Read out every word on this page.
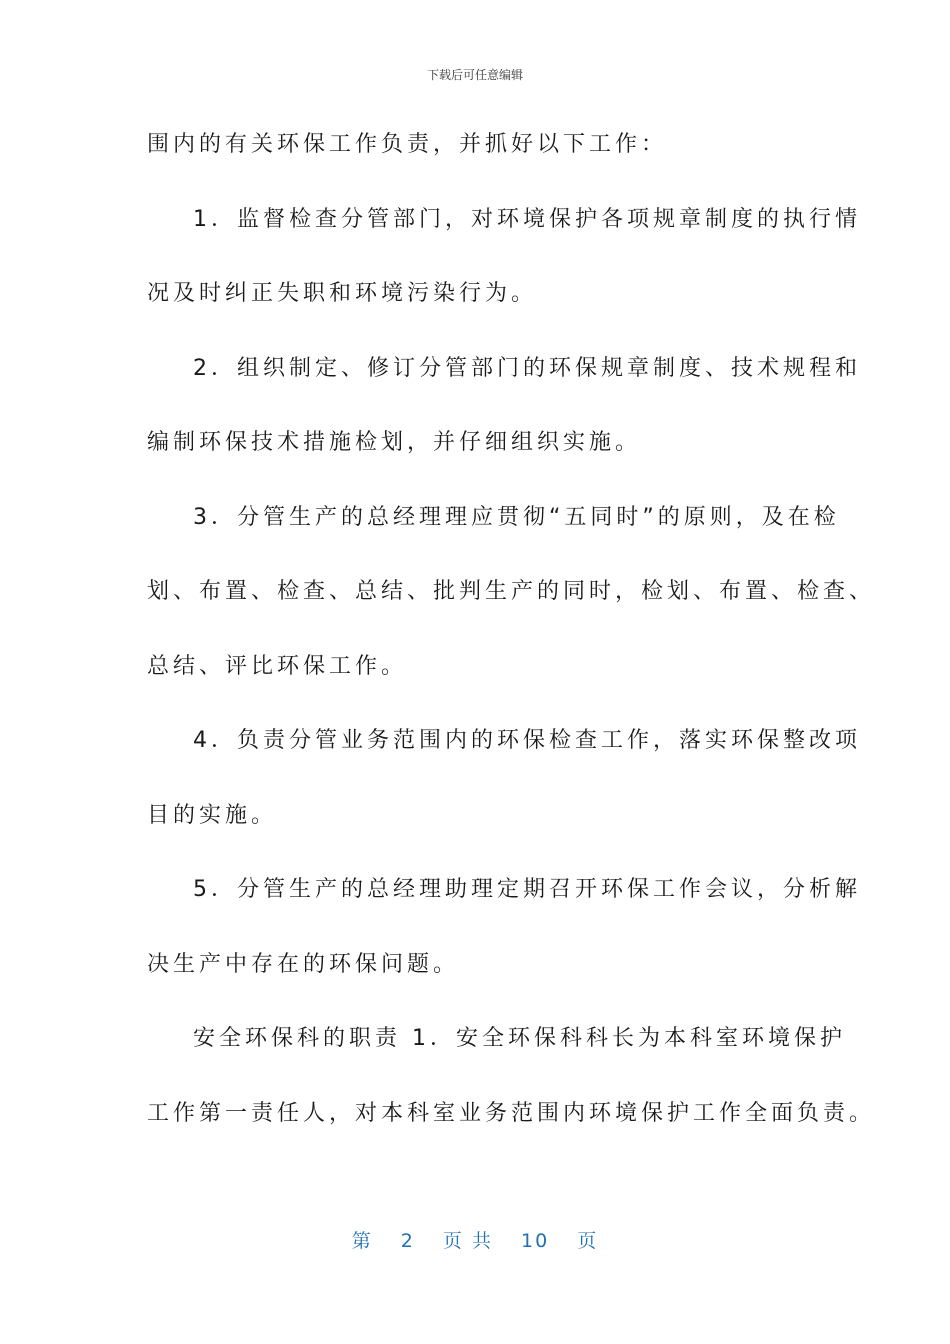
下载后可任意编辑

围内的有关环保工作负责，并抓好以下工作：

1．监督检查分管部门，对环境保护各项规章制度的执行情

况及时纠正失职和环境污染行为。

2．组织制定、修订分管部门的环保规章制度、技术规程和

编制环保技术措施检划，并仔细组织实施。

3．分管生产的总经理理应贯彻“五同时”的原则，及在检

划、布置、检查、总结、批判生产的同时，检划、布置、检查、

总结、评比环保工作。

4．负责分管业务范围内的环保检查工作，落实环保整改项

目的实施。

5．分管生产的总经理助理定期召开环保工作会议，分析解

决生产中存在的环保问题。

安全环保科的职责 1．安全环保科科长为本科室环境保护

工作第一责任人，对本科室业务范围内环境保护工作全面负责。

第 2 页 共 10 页
